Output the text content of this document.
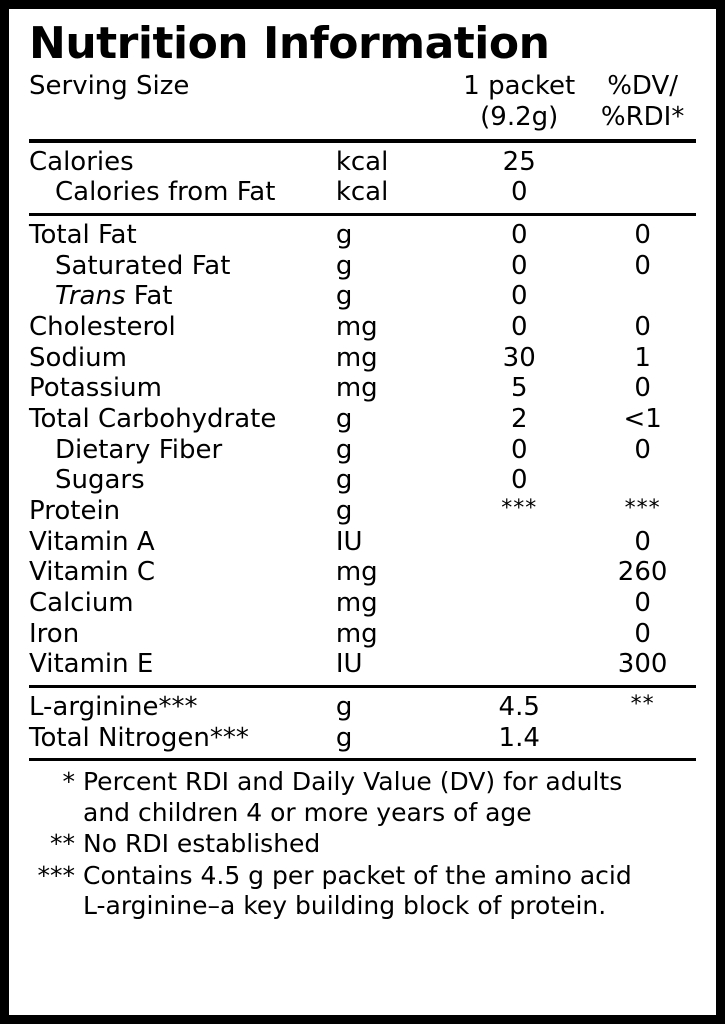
Nutrition Information
Serving Size		1 packet	%DV/
		(9.2g)	%RDI*

Calories	kcal	25	
Calories from Fat	kcal	0	

Total Fat	g	0	0
Saturated Fat	g	0	0
Trans Fat	g	0	
Cholesterol	mg	0	0
Sodium	mg	30	1
Potassium	mg	5	0
Total Carbohydrate	g	2	<1
Dietary Fiber	g	0	0
Sugars	g	0	
Protein	g	***	***
Vitamin A	IU		0
Vitamin C	mg		260
Calcium	mg		0
Iron	mg		0
Vitamin E	IU		300

L-arginine***	g	4.5	**
Total Nitrogen***	g	1.4	

* Percent RDI and Daily Value (DV) for adults
and children 4 or more years of age
** No RDI established
*** Contains 4.5 g per packet of the amino acid
L-arginine–a key building block of protein.
